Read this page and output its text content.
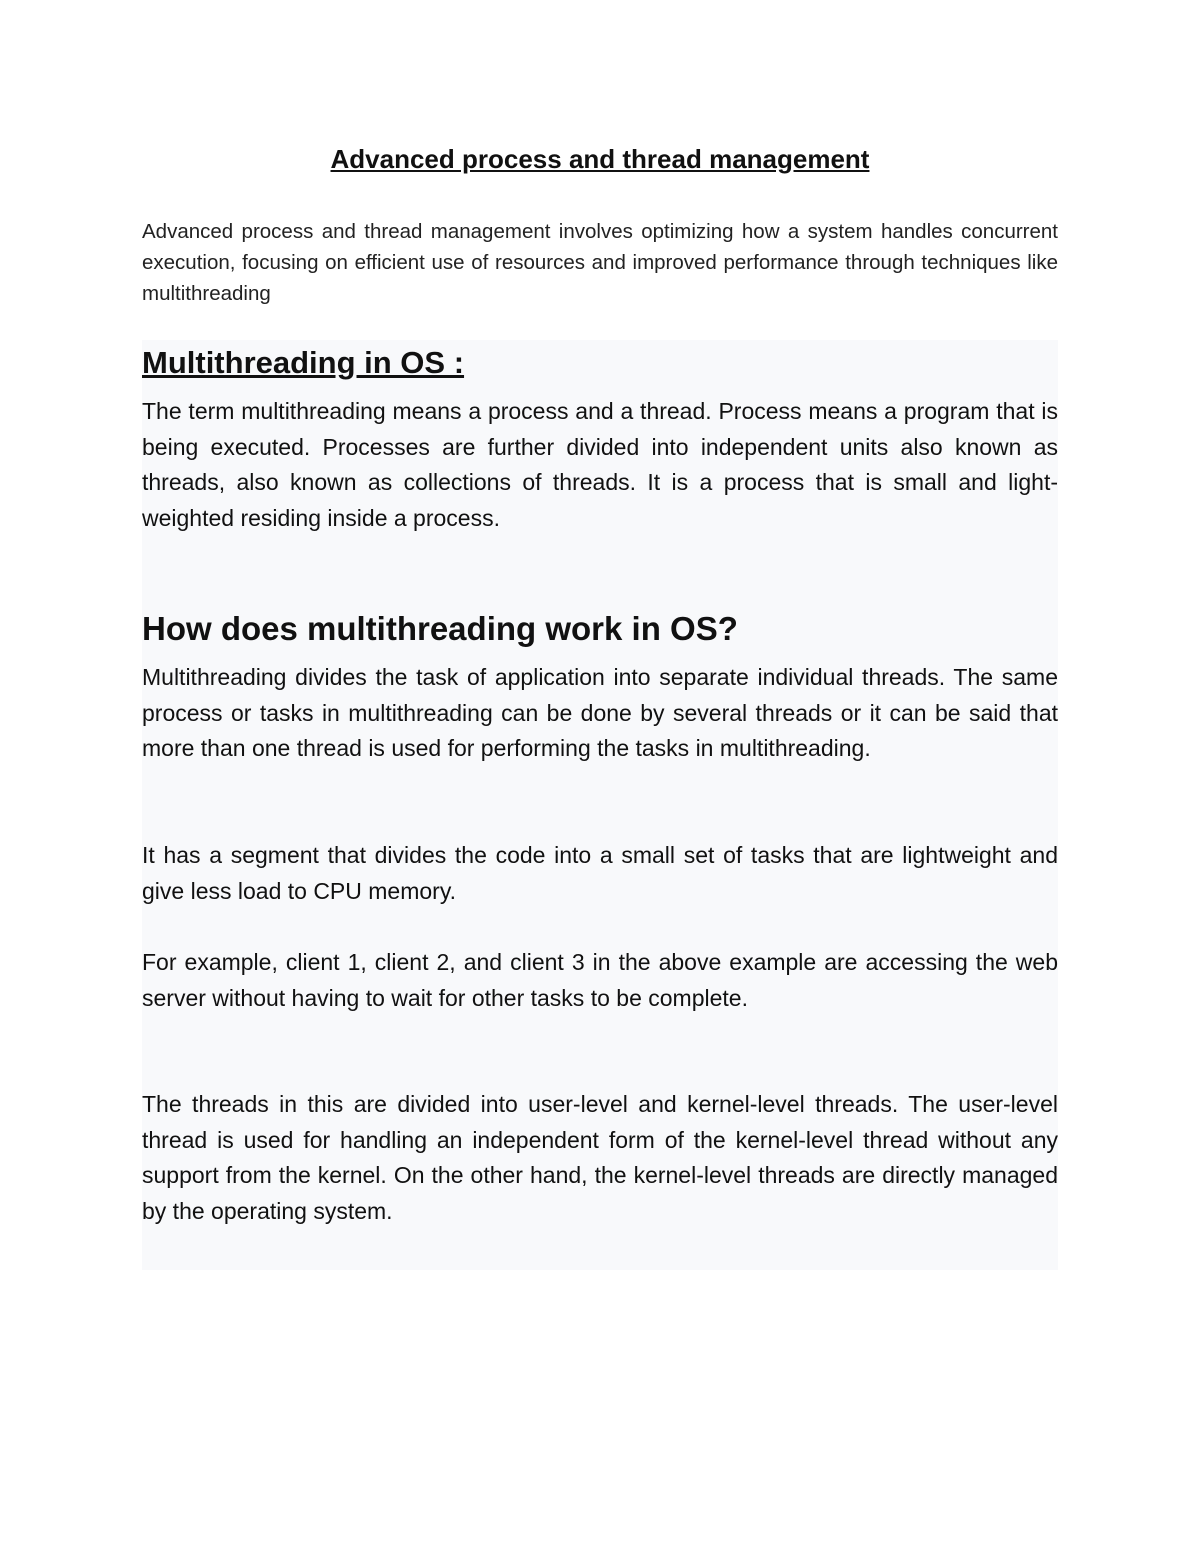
Advanced process and thread management

Advanced process and thread management involves optimizing how a system handles concurrent execution, focusing on efficient use of resources and improved performance through techniques like multithreading

Multithreading in OS :

The term multithreading means a process and a thread. Process means a program that is being executed. Processes are further divided into independent units also known as threads, also known as collections of threads. It is a process that is small and light-weighted residing inside a process.

How does multithreading work in OS?

Multithreading divides the task of application into separate individual threads. The same process or tasks in multithreading can be done by several threads or it can be said that more than one thread is used for performing the tasks in multithreading.

It has a segment that divides the code into a small set of tasks that are lightweight and give less load to CPU memory.

For example, client 1, client 2, and client 3 in the above example are accessing the web server without having to wait for other tasks to be complete.

The threads in this are divided into user-level and kernel-level threads. The user-level thread is used for handling an independent form of the kernel-level thread without any support from the kernel. On the other hand, the kernel-level threads are directly managed by the operating system.
